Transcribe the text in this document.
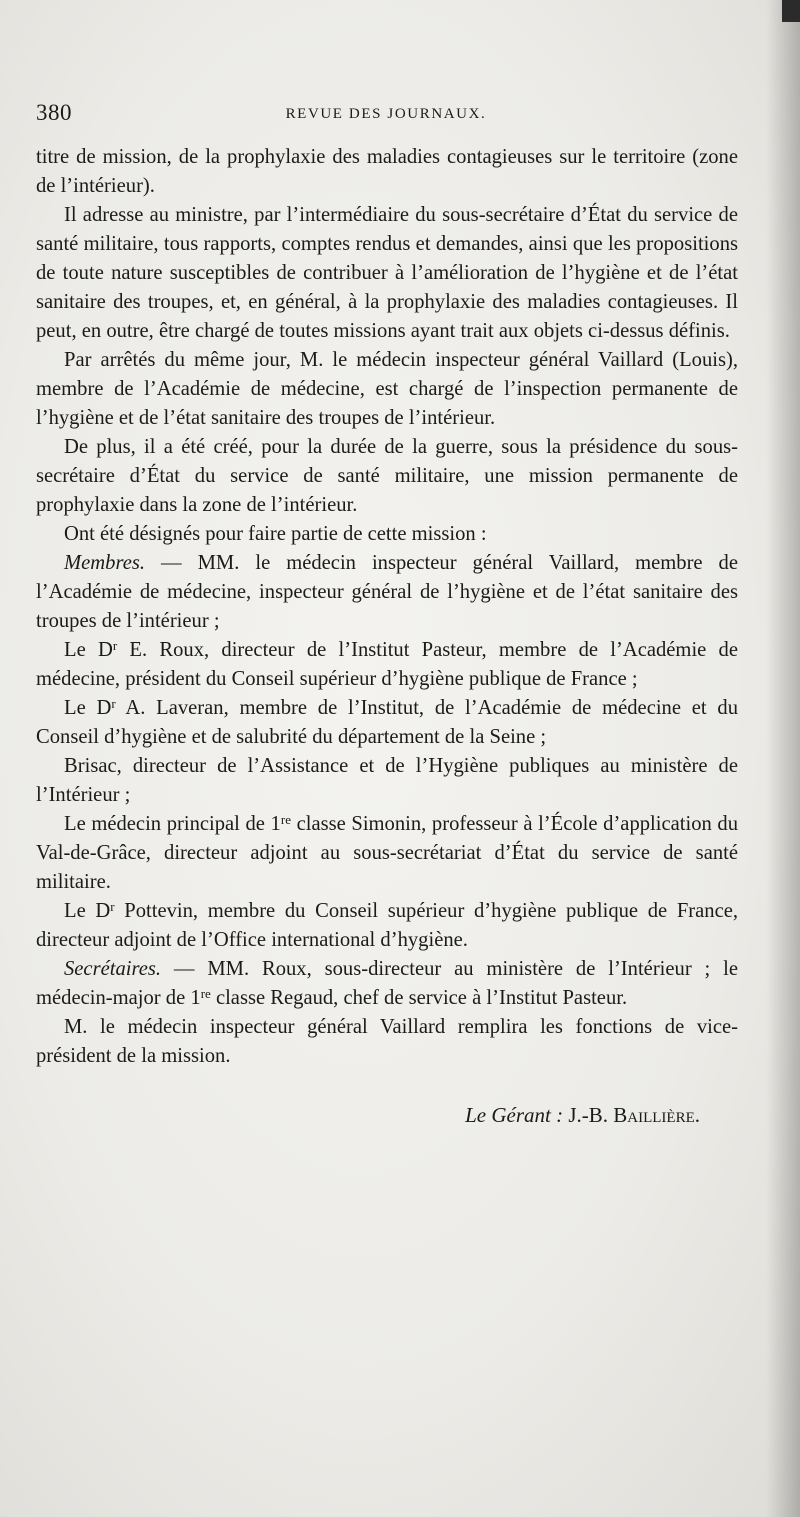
380	REVUE DES JOURNAUX.

titre de mission, de la prophylaxie des maladies contagieuses sur le territoire (zone de l’intérieur).

Il adresse au ministre, par l’intermédiaire du sous-secrétaire d’État du service de santé militaire, tous rapports, comptes rendus et demandes, ainsi que les propositions de toute nature susceptibles de contribuer à l’amélioration de l’hygiène et de l’état sanitaire des troupes, et, en général, à la prophylaxie des maladies contagieuses. Il peut, en outre, être chargé de toutes missions ayant trait aux objets ci-dessus définis.

Par arrêtés du même jour, M. le médecin inspecteur général Vaillard (Louis), membre de l’Académie de médecine, est chargé de l’inspection permanente de l’hygiène et de l’état sanitaire des troupes de l’intérieur.

De plus, il a été créé, pour la durée de la guerre, sous la présidence du sous-secrétaire d’État du service de santé militaire, une mission permanente de prophylaxie dans la zone de l’intérieur.

Ont été désignés pour faire partie de cette mission :

Membres. — MM. le médecin inspecteur général Vaillard, membre de l’Académie de médecine, inspecteur général de l’hygiène et de l’état sanitaire des troupes de l’intérieur ;

Le $D^r$ E. Roux, directeur de l’Institut Pasteur, membre de l’Académie de médecine, président du Conseil supérieur d’hygiène publique de France ;

Le $D^r$ A. Laveran, membre de l’Institut, de l’Académie de médecine et du Conseil d’hygiène et de salubrité du département de la Seine ;

Brisac, directeur de l’Assistance et de l’Hygiène publiques au ministère de l’Intérieur ;

Le médecin principal de 1re classe Simonin, professeur à l’École d’application du Val-de-Grâce, directeur adjoint au sous-secrétariat d’État du service de santé militaire.

Le $D^r$ Pottevin, membre du Conseil supérieur d’hygiène publique de France, directeur adjoint de l’Office international d’hygiène.

Secrétaires. — MM. Roux, sous-directeur au ministère de l’Intérieur ; le médecin-major de 1re classe Regaud, chef de service à l’Institut Pasteur.

M. le médecin inspecteur général Vaillard remplira les fonctions de vice-président de la mission.

Le Gérant : J.-B. Baillière.
